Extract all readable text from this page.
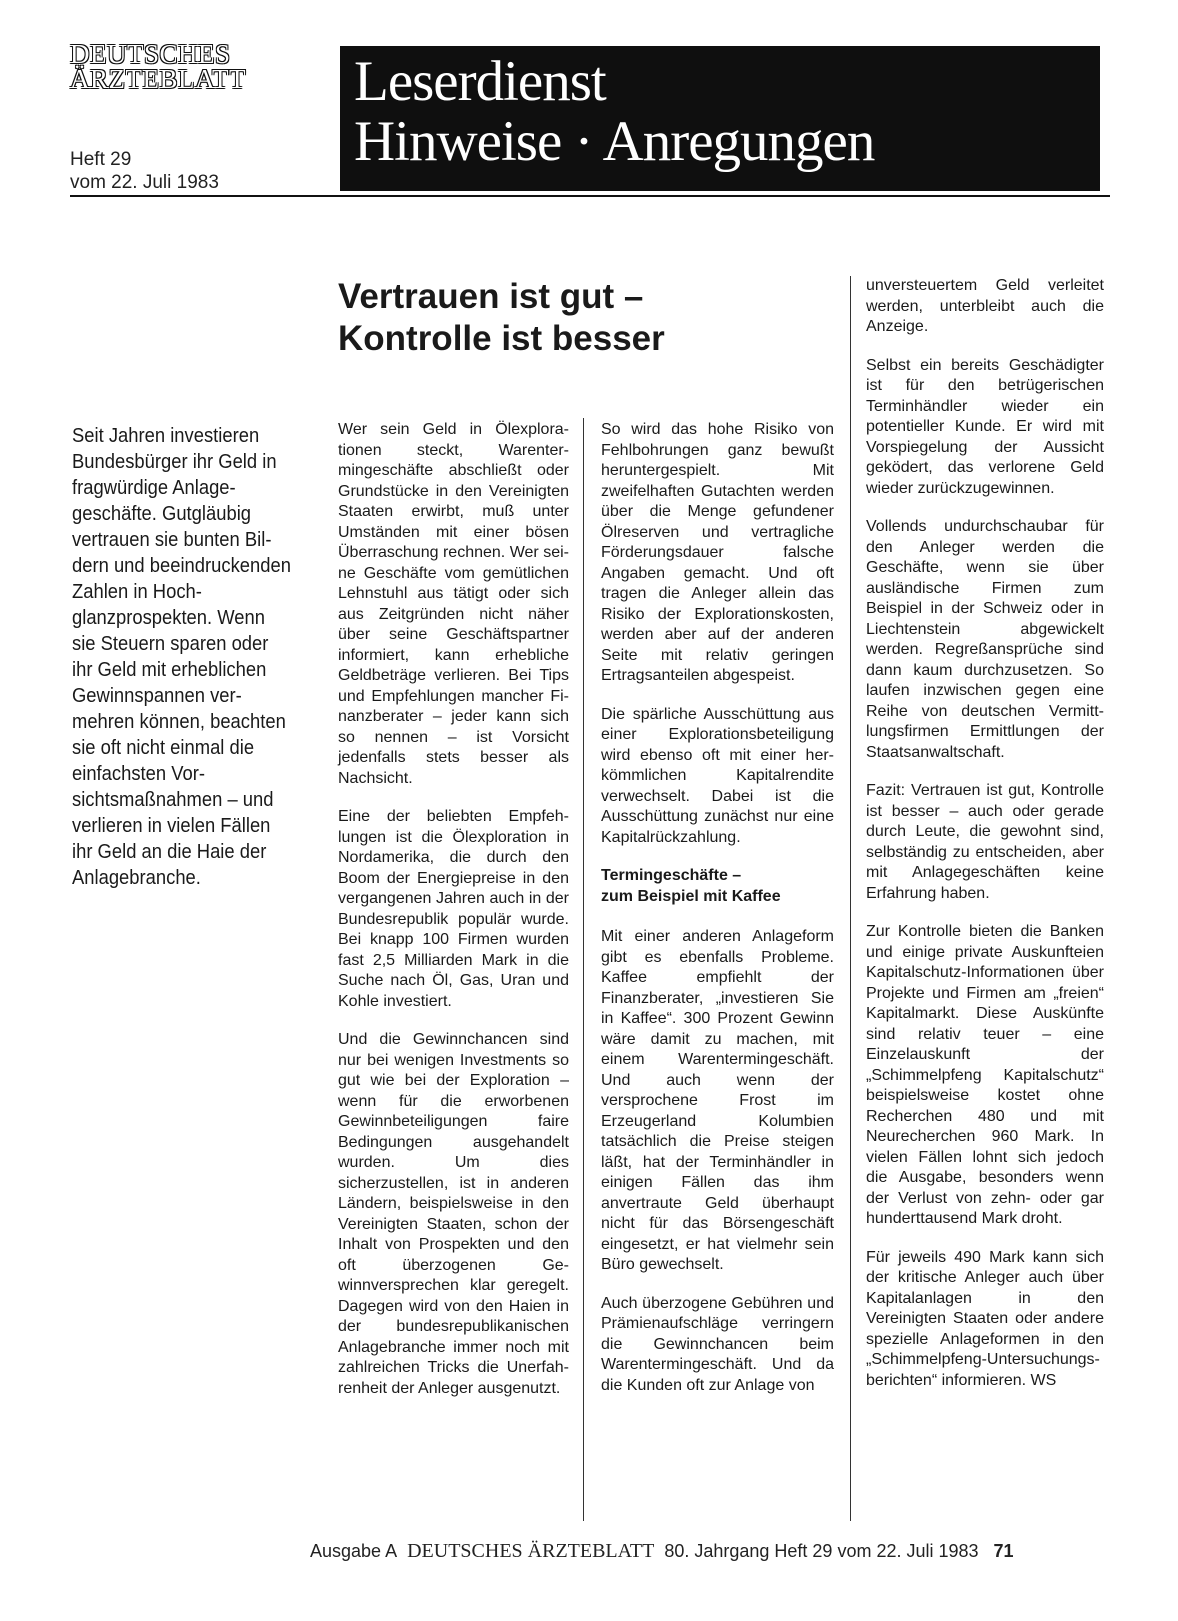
DEUTSCHES
ÄRZTEBLATT
Heft 29
vom 22. Juli 1983
Leserdienst
Hinweise · Anregungen
Vertrauen ist gut –
Kontrolle ist besser
Seit Jahren investieren Bundesbürger ihr Geld in fragwürdige Anlagegeschäfte. Gutgläubig vertrauen sie bunten Bildern und beeindruckenden Zahlen in Hochglanzprospekten. Wenn sie Steuern sparen oder ihr Geld mit erheblichen Gewinnspannen vermehren können, beachten sie oft nicht einmal die einfachsten Vorsichtsmaßnahmen – und verlieren in vielen Fällen ihr Geld an die Haie der Anlagebranche.

Wer sein Geld in Ölexplorationen steckt, Warentermingeschäfte abschließt oder Grundstücke in den Vereinigten Staaten erwirbt, muß unter Umständen mit einer bösen Überraschung rechnen. Wer seine Geschäfte vom gemütlichen Lehnstuhl aus tätigt oder sich aus Zeitgründen nicht näher über seine Geschäftspartner informiert, kann erhebliche Geldbeträge verlieren. Bei Tips und Empfehlungen mancher Finanzberater – jeder kann sich so nennen – ist Vorsicht jedenfalls stets besser als Nachsicht.

Eine der beliebten Empfehlungen ist die Ölexploration in Nordamerika, die durch den Boom der Energiepreise in den vergangenen Jahren auch in der Bundesrepublik populär wurde. Bei knapp 100 Firmen wurden fast 2,5 Milliarden Mark in die Suche nach Öl, Gas, Uran und Kohle investiert.

Und die Gewinnchancen sind nur bei wenigen Investments so gut wie bei der Exploration – wenn für die erworbenen Gewinnbeteiligungen faire Bedingungen ausgehandelt wurden. Um dies sicherzustellen, ist in anderen Ländern, beispielsweise in den Vereinigten Staaten, schon der Inhalt von Prospekten und den oft überzogenen Gewinnversprechen klar geregelt. Dagegen wird von den Haien in der bundesrepublikanischen Anlagebranche immer noch mit zahlreichen Tricks die Unerfahrenheit der Anleger ausgenutzt.

So wird das hohe Risiko von Fehlbohrungen ganz bewußt heruntergespielt. Mit zweifelhaften Gutachten werden über die Menge gefundener Ölreserven und vertragliche Förderungsdauer falsche Angaben gemacht. Und oft tragen die Anleger allein das Risiko der Explorationskosten, werden aber auf der anderen Seite mit relativ geringen Ertragsanteilen abgespeist.

Die spärliche Ausschüttung aus einer Explorationsbeteiligung wird ebenso oft mit einer herkömmlichen Kapitalrendite verwechselt. Dabei ist die Ausschüttung zunächst nur eine Kapitalrückzahlung.

Termingeschäfte –
zum Beispiel mit Kaffee

Mit einer anderen Anlageform gibt es ebenfalls Probleme. Kaffee empfiehlt der Finanzberater, „investieren Sie in Kaffee“. 300 Prozent Gewinn wäre damit zu machen, mit einem Warentermingeschäft. Und auch wenn der versprochene Frost im Erzeugerland Kolumbien tatsächlich die Preise steigen läßt, hat der Terminhändler in einigen Fällen das ihm anvertraute Geld überhaupt nicht für das Börsengeschäft eingesetzt, er hat vielmehr sein Büro gewechselt.

Auch überzogene Gebühren und Prämienaufschläge verringern die Gewinnchancen beim Warentermingeschäft. Und da die Kunden oft zur Anlage von

unversteuertem Geld verleitet werden, unterbleibt auch die Anzeige.

Selbst ein bereits Geschädigter ist für den betrügerischen Terminhändler wieder ein potentieller Kunde. Er wird mit Vorspiegelung der Aussicht geködert, das verlorene Geld wieder zurückzugewinnen.

Vollends undurchschaubar für den Anleger werden die Geschäfte, wenn sie über ausländische Firmen zum Beispiel in der Schweiz oder in Liechtenstein abgewickelt werden. Regreßansprüche sind dann kaum durchzusetzen. So laufen inzwischen gegen eine Reihe von deutschen Vermittlungsfirmen Ermittlungen der Staatsanwaltschaft.

Fazit: Vertrauen ist gut, Kontrolle ist besser – auch oder gerade durch Leute, die gewohnt sind, selbständig zu entscheiden, aber mit Anlagegeschäften keine Erfahrung haben.

Zur Kontrolle bieten die Banken und einige private Auskunfteien Kapitalschutz-Informationen über Projekte und Firmen am „freien“ Kapitalmarkt. Diese Auskünfte sind relativ teuer – eine Einzelauskunft der „Schimmelpfeng Kapitalschutz“ beispielsweise kostet ohne Recherchen 480 und mit Neurecherchen 960 Mark. In vielen Fällen lohnt sich jedoch die Ausgabe, besonders wenn der Verlust von zehn- oder gar hunderttausend Mark droht.

Für jeweils 490 Mark kann sich der kritische Anleger auch über Kapitalanlagen in den Vereinigten Staaten oder andere spezielle Anlageformen in den „Schimmelpfeng-Untersuchungsberichten“ informieren. WS

Ausgabe A DEUTSCHES ÄRZTEBLATT 80. Jahrgang Heft 29 vom 22. Juli 1983 71
